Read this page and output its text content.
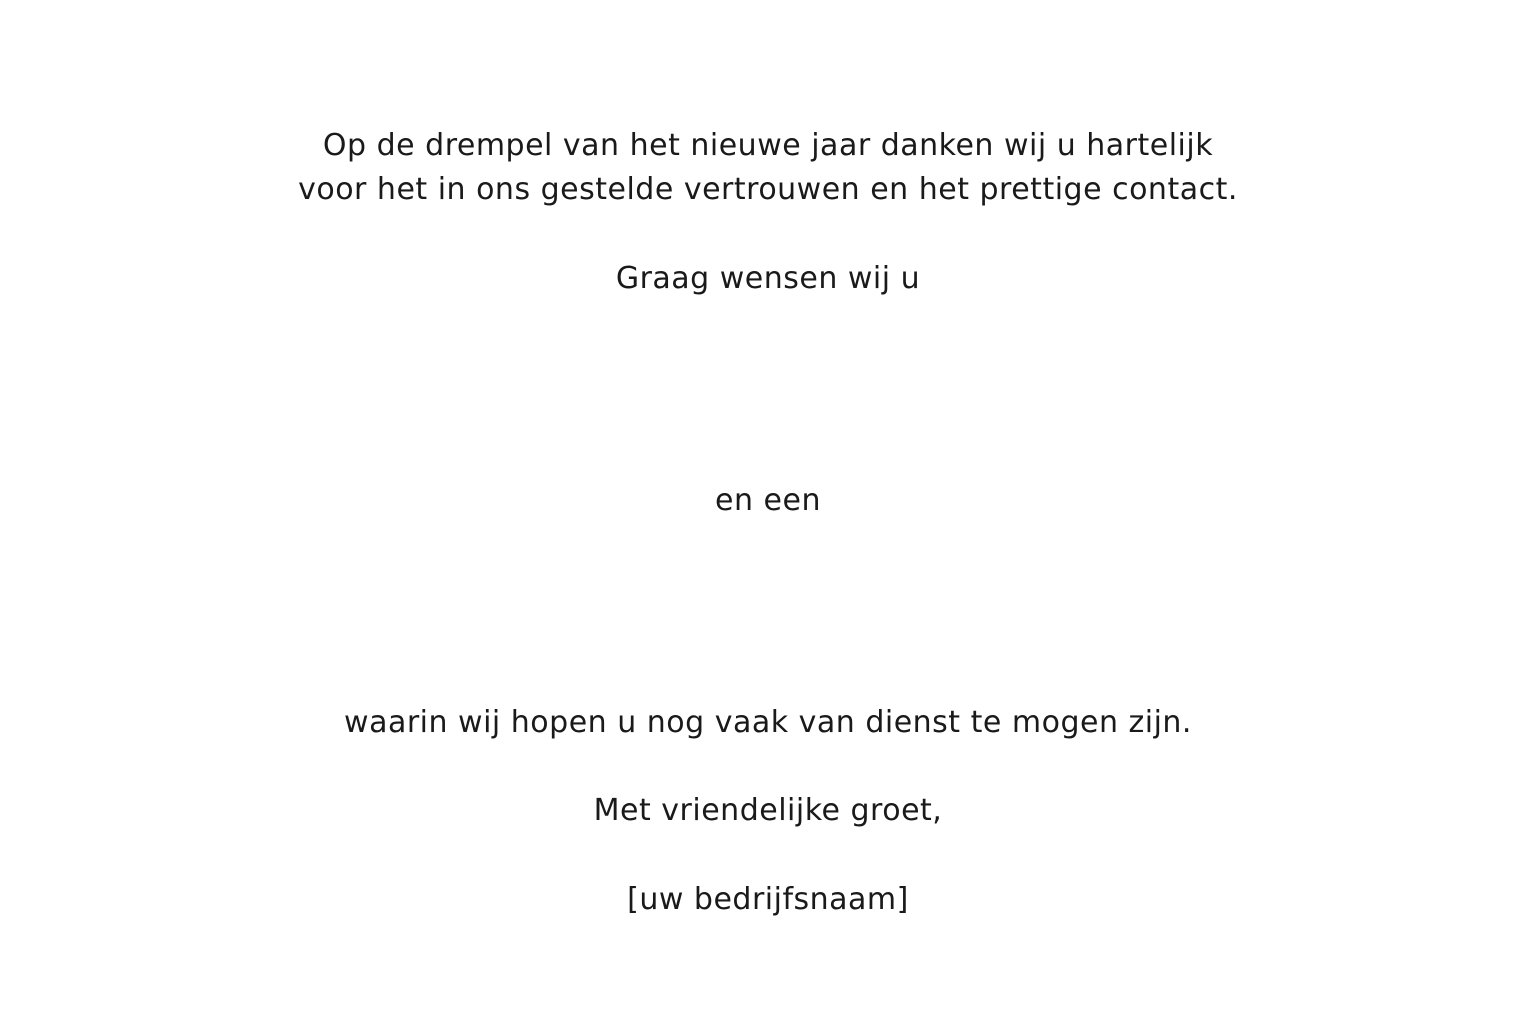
Op de drempel van het nieuwe jaar danken wij u hartelijk
voor het in ons gestelde vertrouwen en het prettige contact.
Graag wensen wij u
en een
waarin wij hopen u nog vaak van dienst te mogen zijn.
Met vriendelijke groet,
[uw bedrijfsnaam]
